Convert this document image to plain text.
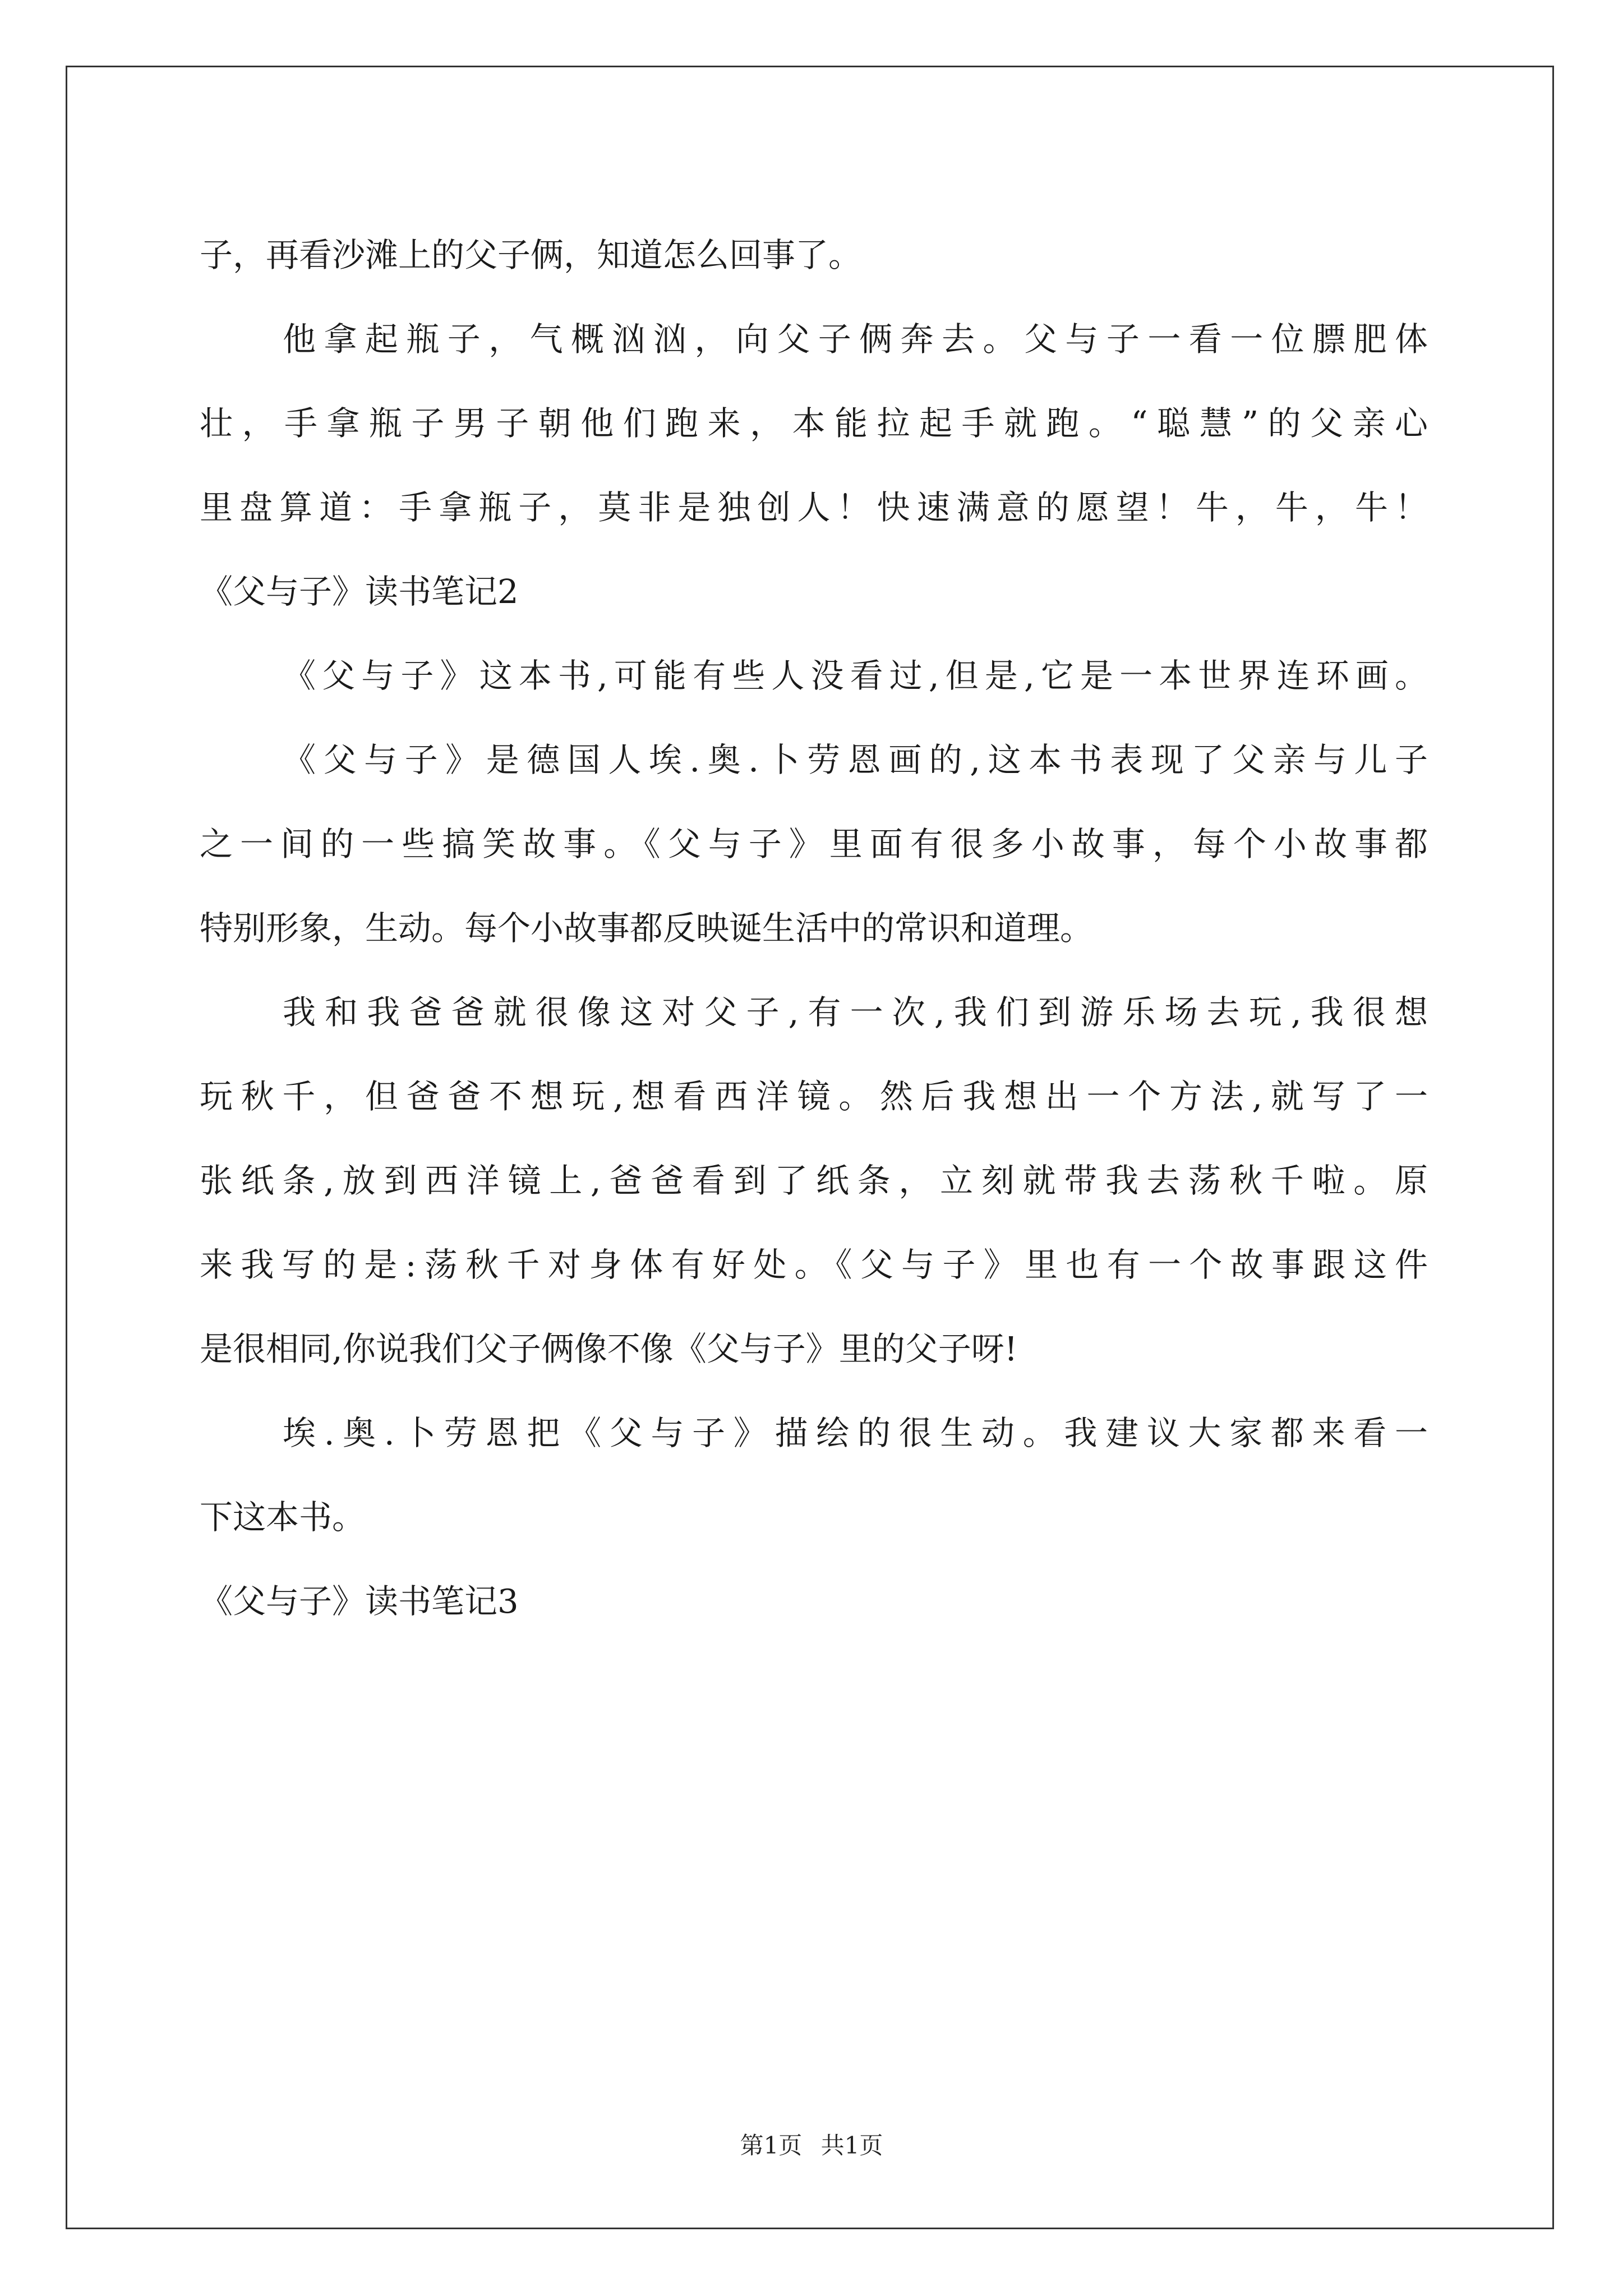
子，再看沙滩上的父子俩，知道怎么回事了。
他拿起瓶子，气概汹汹，向父子俩奔去。父与子一看一位膘肥体
壮，手拿瓶子男子朝他们跑来，本能拉起手就跑。“聪慧”的父亲心
里盘算道：手拿瓶子，莫非是独创人！快速满意的愿望！牛，牛，牛！
《父与子》读书笔记2
《父与子》这本书,可能有些人没看过,但是,它是一本世界连环画。
《父与子》是德国人埃.奥.卜劳恩画的,这本书表现了父亲与儿子
之一间的一些搞笑故事。《父与子》里面有很多小故事，每个小故事都
特别形象，生动。每个小故事都反映诞生活中的常识和道理。
我和我爸爸就很像这对父子,有一次,我们到游乐场去玩,我很想
玩秋千，但爸爸不想玩,想看西洋镜。然后我想出一个方法,就写了一
张纸条,放到西洋镜上,爸爸看到了纸条，立刻就带我去荡秋千啦。原
来我写的是:荡秋千对身体有好处。《父与子》里也有一个故事跟这件
是很相同,你说我们父子俩像不像《父与子》里的父子呀!
埃.奥.卜劳恩把《父与子》描绘的很生动。我建议大家都来看一
下这本书。
《父与子》读书笔记3
第1页 共1页
